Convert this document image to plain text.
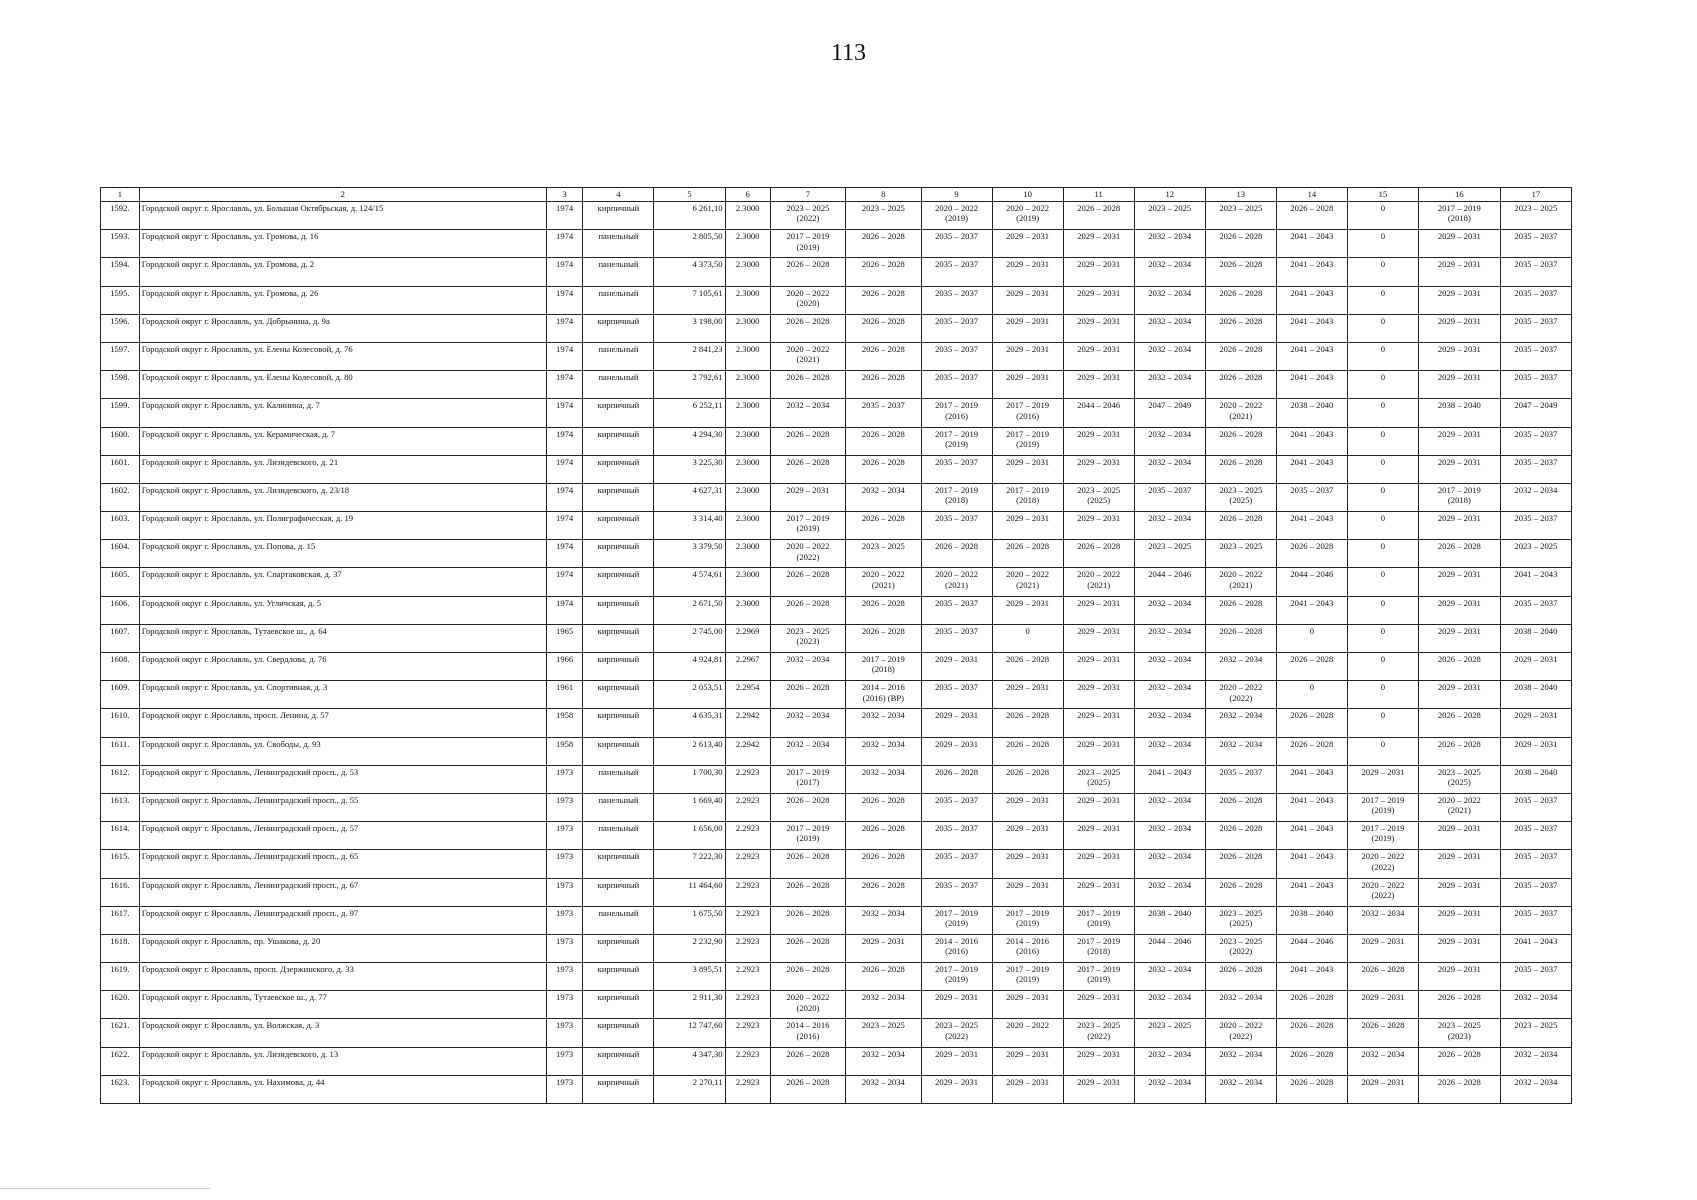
113
1	2	3	4	5	6	7	8	9	10	11	12	13	14	15	16	17
1592.	Городской округ г. Ярославль, ул. Большая Октябрьская, д. 124/15	1974	кирпичный	6 261,10	2.3000	2023 – 2025
(2022)	2023 – 2025	2020 – 2022
(2019)	2020 – 2022
(2019)	2026 – 2028	2023 – 2025	2023 – 2025	2026 – 2028	0	2017 – 2019
(2018)	2023 – 2025
1593.	Городской округ г. Ярославль, ул. Громова, д. 16	1974	панельный	2 805,50	2.3000	2017 – 2019
(2019)	2026 – 2028	2035 – 2037	2029 – 2031	2029 – 2031	2032 – 2034	2026 – 2028	2041 – 2043	0	2029 – 2031	2035 – 2037
1594.	Городской округ г. Ярославль, ул. Громова, д. 2	1974	панельный	4 373,50	2.3000	2026 – 2028	2026 – 2028	2035 – 2037	2029 – 2031	2029 – 2031	2032 – 2034	2026 – 2028	2041 – 2043	0	2029 – 2031	2035 – 2037
1595.	Городской округ г. Ярославль, ул. Громова, д. 26	1974	панельный	7 105,61	2.3000	2020 – 2022
(2020)	2026 – 2028	2035 – 2037	2029 – 2031	2029 – 2031	2032 – 2034	2026 – 2028	2041 – 2043	0	2029 – 2031	2035 – 2037
1596.	Городской округ г. Ярославль, ул. Добрынина, д. 9а	1974	кирпичный	3 198,00	2.3000	2026 – 2028	2026 – 2028	2035 – 2037	2029 – 2031	2029 – 2031	2032 – 2034	2026 – 2028	2041 – 2043	0	2029 – 2031	2035 – 2037
1597.	Городской округ г. Ярославль, ул. Елены Колесовой, д. 76	1974	панельный	2 841,23	2.3000	2020 – 2022
(2021)	2026 – 2028	2035 – 2037	2029 – 2031	2029 – 2031	2032 – 2034	2026 – 2028	2041 – 2043	0	2029 – 2031	2035 – 2037
1598.	Городской округ г. Ярославль, ул. Елены Колесовой, д. 80	1974	панельный	2 792,61	2.3000	2026 – 2028	2026 – 2028	2035 – 2037	2029 – 2031	2029 – 2031	2032 – 2034	2026 – 2028	2041 – 2043	0	2029 – 2031	2035 – 2037
1599.	Городской округ г. Ярославль, ул. Калинина, д. 7	1974	кирпичный	6 252,11	2.3000	2032 – 2034	2035 – 2037	2017 – 2019
(2016)	2017 – 2019
(2016)	2044 – 2046	2047 – 2049	2020 – 2022
(2021)	2038 – 2040	0	2038 – 2040	2047 – 2049
1600.	Городской округ г. Ярославль, ул. Керамическая, д. 7	1974	кирпичный	4 294,30	2.3000	2026 – 2028	2026 – 2028	2017 – 2019
(2019)	2017 – 2019
(2019)	2029 – 2031	2032 – 2034	2026 – 2028	2041 – 2043	0	2029 – 2031	2035 – 2037
1601.	Городской округ г. Ярославль, ул. Лизидевского, д. 21	1974	кирпичный	3 225,30	2.3000	2026 – 2028	2026 – 2028	2035 – 2037	2029 – 2031	2029 – 2031	2032 – 2034	2026 – 2028	2041 – 2043	0	2029 – 2031	2035 – 2037
1602.	Городской округ г. Ярославль, ул. Лизидевского, д. 23/18	1974	кирпичный	4 627,31	2.3000	2029 – 2031	2032 – 2034	2017 – 2019
(2018)	2017 – 2019
(2018)	2023 – 2025
(2025)	2035 – 2037	2023 – 2025
(2025)	2035 – 2037	0	2017 – 2019
(2018)	2032 – 2034
1603.	Городской округ г. Ярославль, ул. Полиграфическая, д. 19	1974	кирпичный	3 314,40	2.3000	2017 – 2019
(2019)	2026 – 2028	2035 – 2037	2029 – 2031	2029 – 2031	2032 – 2034	2026 – 2028	2041 – 2043	0	2029 – 2031	2035 – 2037
1604.	Городской округ г. Ярославль, ул. Попова, д. 15	1974	кирпичный	3 379,50	2.3000	2020 – 2022
(2022)	2023 – 2025	2026 – 2028	2026 – 2028	2026 – 2028	2023 – 2025	2023 – 2025	2026 – 2028	0	2026 – 2028	2023 – 2025
1605.	Городской округ г. Ярославль, ул. Спартаковская, д. 37	1974	кирпичный	4 574,61	2.3000	2026 – 2028	2020 – 2022
(2021)	2020 – 2022
(2021)	2020 – 2022
(2021)	2020 – 2022
(2021)	2044 – 2046	2020 – 2022
(2021)	2044 – 2046	0	2029 – 2031	2041 – 2043
1606.	Городской округ г. Ярославль, ул. Угличская, д. 5	1974	кирпичный	2 671,50	2.3000	2026 – 2028	2026 – 2028	2035 – 2037	2029 – 2031	2029 – 2031	2032 – 2034	2026 – 2028	2041 – 2043	0	2029 – 2031	2035 – 2037
1607.	Городской округ г. Ярославль, Тутаевское ш., д. 64	1965	кирпичный	2 745,00	2.2969	2023 – 2025
(2023)	2026 – 2028	2035 – 2037	0	2029 – 2031	2032 – 2034	2026 – 2028	0	0	2029 – 2031	2038 – 2040
1608.	Городской округ г. Ярославль, ул. Свердлова, д. 76	1966	кирпичный	4 924,81	2.2967	2032 – 2034	2017 – 2019
(2018)	2029 – 2031	2026 – 2028	2029 – 2031	2032 – 2034	2032 – 2034	2026 – 2028	0	2026 – 2028	2029 – 2031
1609.	Городской округ г. Ярославль, ул. Спортивная, д. 3	1961	кирпичный	2 053,51	2.2954	2026 – 2028	2014 – 2016
(2016) (ВР)	2035 – 2037	2029 – 2031	2029 – 2031	2032 – 2034	2020 – 2022
(2022)	0	0	2029 – 2031	2038 – 2040
1610.	Городской округ г. Ярославль, просп. Ленина, д. 57	1958	кирпичный	4 635,31	2.2942	2032 – 2034	2032 – 2034	2029 – 2031	2026 – 2028	2029 – 2031	2032 – 2034	2032 – 2034	2026 – 2028	0	2026 – 2028	2029 – 2031
1611.	Городской округ г. Ярославль, ул. Свободы, д. 93	1958	кирпичный	2 613,40	2.2942	2032 – 2034	2032 – 2034	2029 – 2031	2026 – 2028	2029 – 2031	2032 – 2034	2032 – 2034	2026 – 2028	0	2026 – 2028	2029 – 2031
1612.	Городской округ г. Ярославль, Ленинградский просп., д. 53	1973	панельный	1 700,30	2.2923	2017 – 2019
(2017)	2032 – 2034	2026 – 2028	2026 – 2028	2023 – 2025
(2025)	2041 – 2043	2035 – 2037	2041 – 2043	2029 – 2031	2023 – 2025
(2025)	2038 – 2040
1613.	Городской округ г. Ярославль, Ленинградский просп., д. 55	1973	панельный	1 669,40	2.2923	2026 – 2028	2026 – 2028	2035 – 2037	2029 – 2031	2029 – 2031	2032 – 2034	2026 – 2028	2041 – 2043	2017 – 2019
(2019)	2020 – 2022
(2021)	2035 – 2037
1614.	Городской округ г. Ярославль, Ленинградский просп., д. 57	1973	панельный	1 656,00	2.2923	2017 – 2019
(2019)	2026 – 2028	2035 – 2037	2029 – 2031	2029 – 2031	2032 – 2034	2026 – 2028	2041 – 2043	2017 – 2019
(2019)	2029 – 2031	2035 – 2037
1615.	Городской округ г. Ярославль, Ленинградский просп., д. 65	1973	кирпичный	7 222,30	2.2923	2026 – 2028	2026 – 2028	2035 – 2037	2029 – 2031	2029 – 2031	2032 – 2034	2026 – 2028	2041 – 2043	2020 – 2022
(2022)	2029 – 2031	2035 – 2037
1616.	Городской округ г. Ярославль, Ленинградский просп., д. 67	1973	кирпичный	11 464,60	2.2923	2026 – 2028	2026 – 2028	2035 – 2037	2029 – 2031	2029 – 2031	2032 – 2034	2026 – 2028	2041 – 2043	2020 – 2022
(2022)	2029 – 2031	2035 – 2037
1617.	Городской округ г. Ярославль, Ленинградский просп., д. 97	1973	панельный	1 675,50	2.2923	2026 – 2028	2032 – 2034	2017 – 2019
(2019)	2017 – 2019
(2019)	2017 – 2019
(2019)	2038 – 2040	2023 – 2025
(2025)	2038 – 2040	2032 – 2034	2029 – 2031	2035 – 2037
1618.	Городской округ г. Ярославль, пр. Ушакова, д. 20	1973	кирпичный	2 232,90	2.2923	2026 – 2028	2029 – 2031	2014 – 2016
(2016)	2014 – 2016
(2016)	2017 – 2019
(2018)	2044 – 2046	2023 – 2025
(2022)	2044 – 2046	2029 – 2031	2029 – 2031	2041 – 2043
1619.	Городской округ г. Ярославль, просп. Дзержинского, д. 33	1973	кирпичный	3 895,51	2.2923	2026 – 2028	2026 – 2028	2017 – 2019
(2019)	2017 – 2019
(2019)	2017 – 2019
(2019)	2032 – 2034	2026 – 2028	2041 – 2043	2026 – 2028	2029 – 2031	2035 – 2037
1620.	Городской округ г. Ярославль, Тутаевское ш., д. 77	1973	кирпичный	2 911,30	2.2923	2020 – 2022
(2020)	2032 – 2034	2029 – 2031	2029 – 2031	2029 – 2031	2032 – 2034	2032 – 2034	2026 – 2028	2029 – 2031	2026 – 2028	2032 – 2034
1621.	Городской округ г. Ярославль, ул. Волжская, д. 3	1973	кирпичный	12 747,60	2.2923	2014 – 2016
(2016)	2023 – 2025	2023 – 2025
(2022)	2020 – 2022	2023 – 2025
(2022)	2023 – 2025	2020 – 2022
(2022)	2026 – 2028	2026 – 2028	2023 – 2025
(2023)	2023 – 2025
1622.	Городской округ г. Ярославль, ул. Лизидевского, д. 13	1973	кирпичный	4 347,30	2.2923	2026 – 2028	2032 – 2034	2029 – 2031	2029 – 2031	2029 – 2031	2032 – 2034	2032 – 2034	2026 – 2028	2032 – 2034	2026 – 2028	2032 – 2034
1623.	Городской округ г. Ярославль, ул. Нахимова, д. 44	1973	кирпичный	2 270,11	2.2923	2026 – 2028	2032 – 2034	2029 – 2031	2029 – 2031	2029 – 2031	2032 – 2034	2032 – 2034	2026 – 2028	2029 – 2031	2026 – 2028	2032 – 2034
